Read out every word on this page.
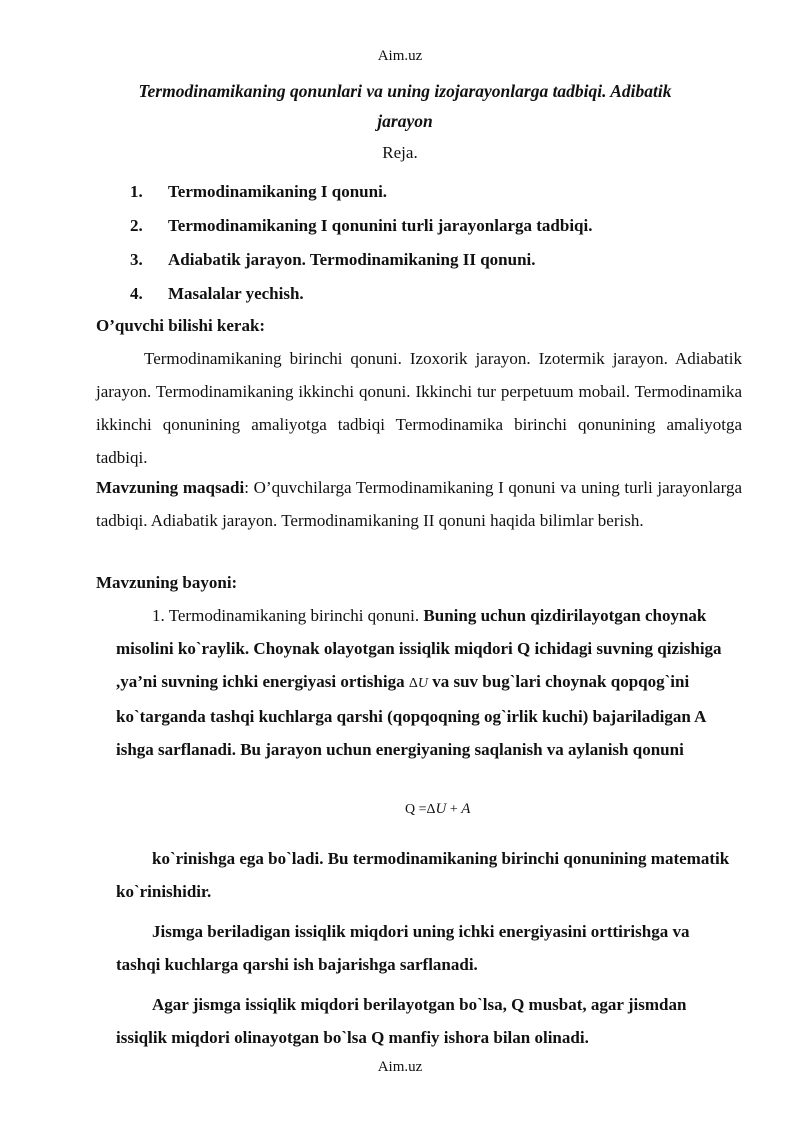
Aim.uz
Termodinamikaning qonunlari va uning izojarayonlarga tadbiqi. Adibatik jarayon
Reja.
1. Termodinamikaning I qonuni.
2. Termodinamikaning I qonunini turli jarayonlarga tadbiqi.
3. Adiabatik jarayon. Termodinamikaning II qonuni.
4. Masalalar yechish.
O’quvchi bilishi kerak:
Termodinamikaning birinchi qonuni. Izoxorik jarayon. Izotermik jarayon. Adiabatik jarayon. Termodinamikaning ikkinchi qonuni. Ikkinchi tur perpetuum mobail. Termodinamika ikkinchi qonunining amaliyotga tadbiqi Termodinamika birinchi qonunining amaliyotga tadbiqi.
Mavzuning maqsadi: O’quvchilarga Termodinamikaning I qonuni va uning turli jarayonlarga tadbiqi. Adiabatik jarayon. Termodinamikaning II qonuni haqida bilimlar berish.
Mavzuning bayoni:
1. Termodinamikaning birinchi qonuni. Buning uchun qizdirilayotgan choynak misolini ko`raylik. Choynak olayotgan issiqlik miqdori Q ichidagi suvning qizishiga ,ya’ni suvning ichki energiyasi ortishiga ΔU va suv bug`lari choynak qopqog`ini ko`targanda tashqi kuchlarga qarshi (qopqoqning og`irlik kuchi) bajariladigan A ishga sarflanadi. Bu jarayon uchun energiyaning saqlanish va aylanish qonuni
Q =ΔU + A
ko`rinishga ega bo`ladi. Bu termodinamikaning birinchi qonunining matematik ko`rinishidir.
Jismga beriladigan issiqlik miqdori uning ichki energiyasini orttirishga va tashqi kuchlarga qarshi ish bajarishga sarflanadi.
Agar jismga issiqlik miqdori berilayotgan bo`lsa, Q musbat, agar jismdan issiqlik miqdori olinayotgan bo`lsa Q manfiy ishora bilan olinadi.
Aim.uz
